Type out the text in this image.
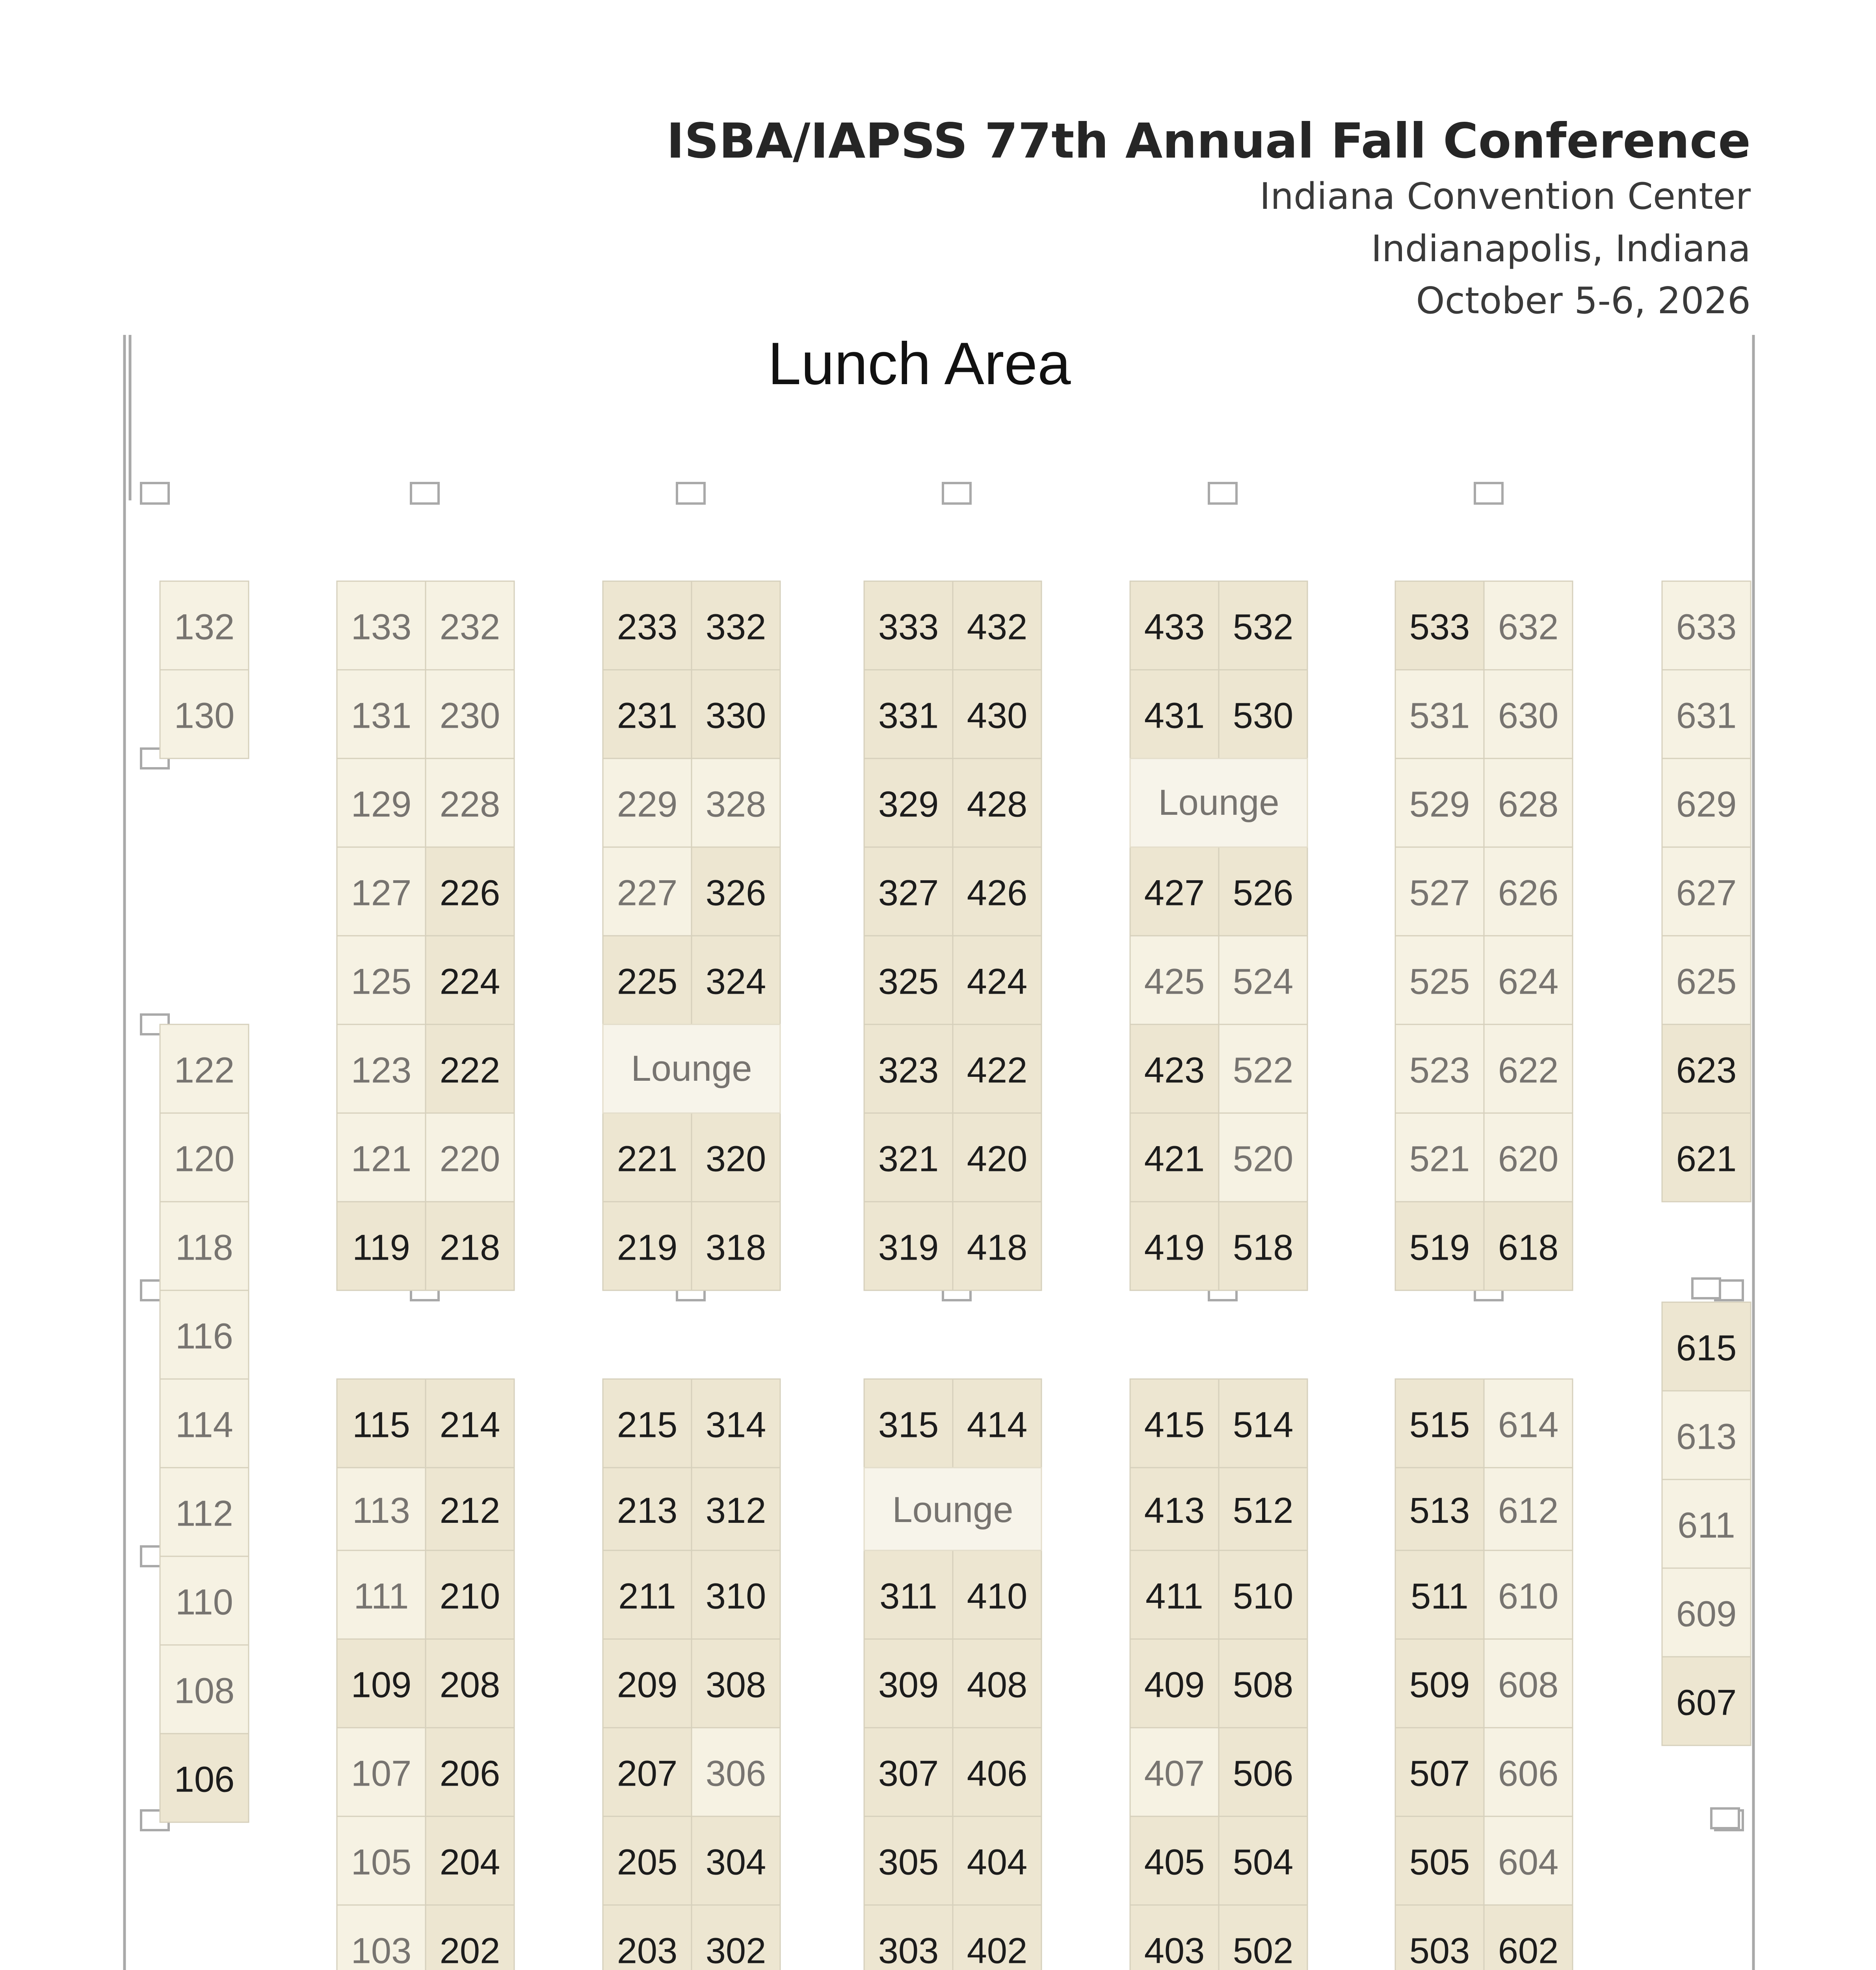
ISBA/IAPSS 77th Annual Fall Conference
Indiana Convention Center
Indianapolis, Indiana
October 5-6, 2026
Lunch Area
132
130
122
120
118
116
114
112
110
108
106
133
131
129
127
125
123
121
119
115
113
111
109
107
105
103
232
230
228
226
224
222
220
218
214
212
210
208
206
204
202
233
231
229
227
225
221
219
215
213
211
209
207
205
203
332
330
328
326
324
320
318
314
312
310
308
306
304
302
333
331
329
327
325
323
321
319
315
311
309
307
305
303
432
430
428
426
424
422
420
418
414
410
408
406
404
402
433
431
427
425
423
421
419
415
413
411
409
407
405
403
532
530
526
524
522
520
518
514
512
510
508
506
504
502
533
531
529
527
525
523
521
519
515
513
511
509
507
505
503
632
630
628
626
624
622
620
618
614
612
610
608
606
604
602
633
631
629
627
625
623
621
615
613
611
609
607
Lounge
Lounge
Lounge
